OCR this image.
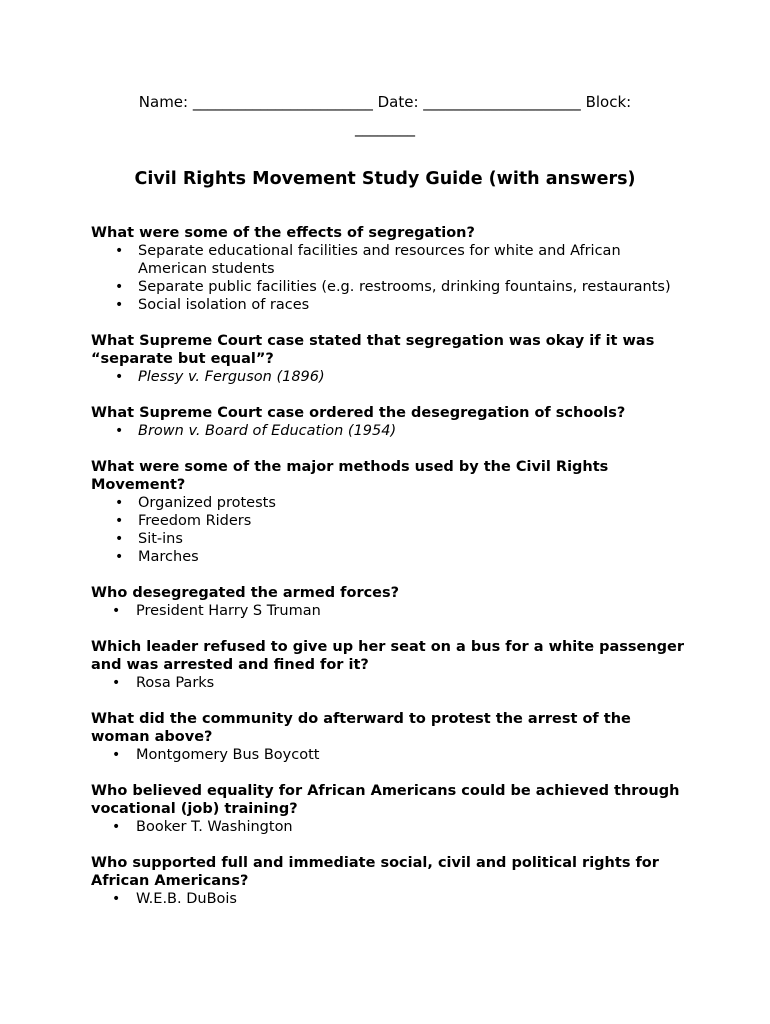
Name: ________________________ Date: _____________________ Block:
________
Civil Rights Movement Study Guide (with answers)

What were some of the effects of segregation?

• Separate educational facilities and resources for white and African American students
• Separate public facilities (e.g. restrooms, drinking fountains, restaurants)
• Social isolation of races

What Supreme Court case stated that segregation was okay if it was “separate but equal”?

• Plessy v. Ferguson (1896)

What Supreme Court case ordered the desegregation of schools?

• Brown v. Board of Education (1954)

What were some of the major methods used by the Civil Rights Movement?

• Organized protests
• Freedom Riders
• Sit-ins
• Marches

Who desegregated the armed forces?

• President Harry S Truman

Which leader refused to give up her seat on a bus for a white passenger and was arrested and fined for it?

• Rosa Parks

What did the community do afterward to protest the arrest of the woman above?

• Montgomery Bus Boycott

Who believed equality for African Americans could be achieved through vocational (job) training?

• Booker T. Washington

Who supported full and immediate social, civil and political rights for African Americans?

• W.E.B. DuBois
